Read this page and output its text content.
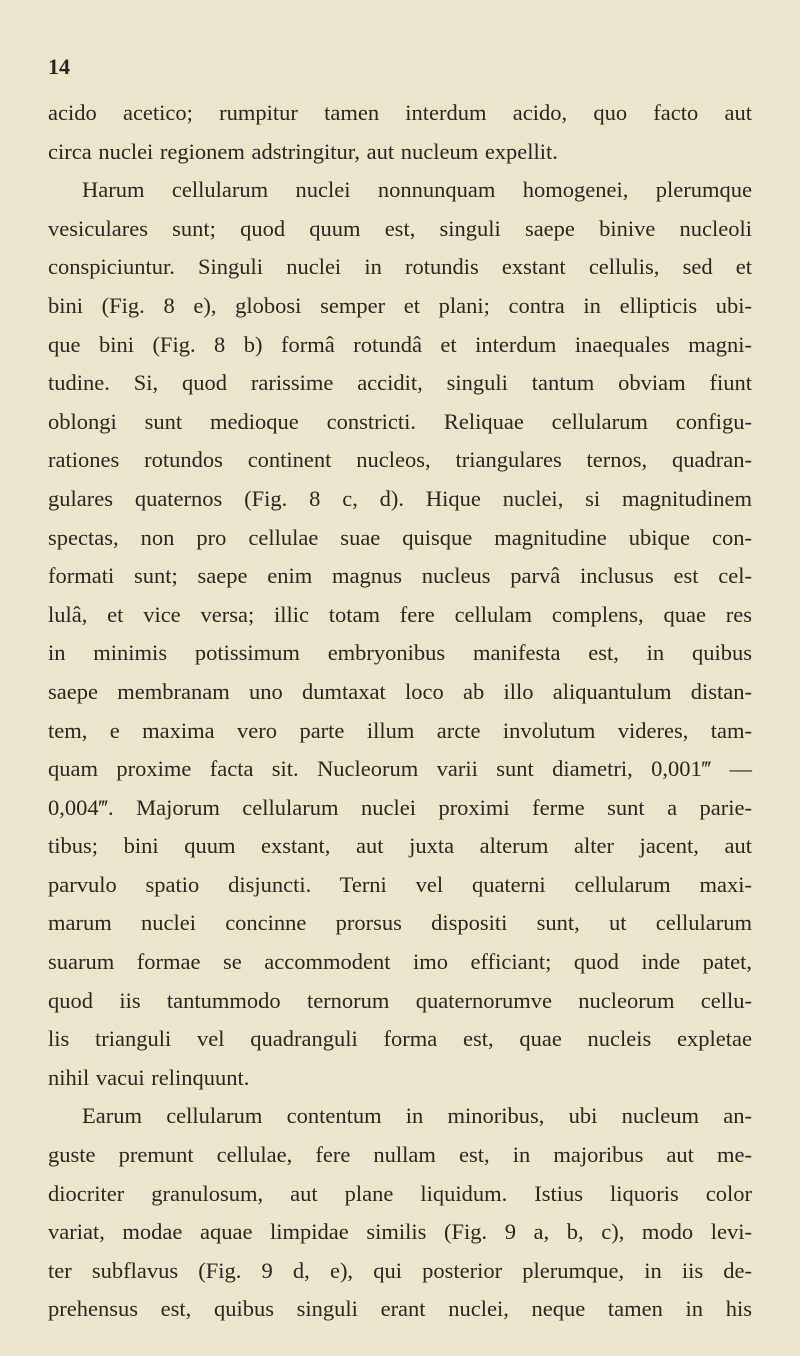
14
acido acetico; rumpitur tamen interdum acido, quo facto aut
circa nuclei regionem adstringitur, aut nucleum expellit.
Harum cellularum nuclei nonnunquam homogenei, plerumque
vesiculares sunt; quod quum est, singuli saepe binive nucleoli
conspiciuntur. Singuli nuclei in rotundis exstant cellulis, sed et
bini (Fig. 8 e), globosi semper et plani; contra in ellipticis ubi-
que bini (Fig. 8 b) formâ rotundâ et interdum inaequales magni-
tudine. Si, quod rarissime accidit, singuli tantum obviam fiunt
oblongi sunt medioque constricti. Reliquae cellularum configu-
rationes rotundos continent nucleos, triangulares ternos, quadran-
gulares quaternos (Fig. 8 c, d). Hique nuclei, si magnitudinem
spectas, non pro cellulae suae quisque magnitudine ubique con-
formati sunt; saepe enim magnus nucleus parvâ inclusus est cel-
lulâ, et vice versa; illic totam fere cellulam complens, quae res
in minimis potissimum embryonibus manifesta est, in quibus
saepe membranam uno dumtaxat loco ab illo aliquantulum distan-
tem, e maxima vero parte illum arcte involutum videres, tam-
quam proxime facta sit. Nucleorum varii sunt diametri, 0,001‴ —
0,004‴. Majorum cellularum nuclei proximi ferme sunt a parie-
tibus; bini quum exstant, aut juxta alterum alter jacent, aut
parvulo spatio disjuncti. Terni vel quaterni cellularum maxi-
marum nuclei concinne prorsus dispositi sunt, ut cellularum
suarum formae se accommodent imo efficiant; quod inde patet,
quod iis tantummodo ternorum quaternorumve nucleorum cellu-
lis trianguli vel quadranguli forma est, quae nucleis expletae
nihil vacui relinquunt.
Earum cellularum contentum in minoribus, ubi nucleum an-
guste premunt cellulae, fere nullam est, in majoribus aut me-
diocriter granulosum, aut plane liquidum. Istius liquoris color
variat, modae aquae limpidae similis (Fig. 9 a, b, c), modo levi-
ter subflavus (Fig. 9 d, e), qui posterior plerumque, in iis de-
prehensus est, quibus singuli erant nuclei, neque tamen in his
